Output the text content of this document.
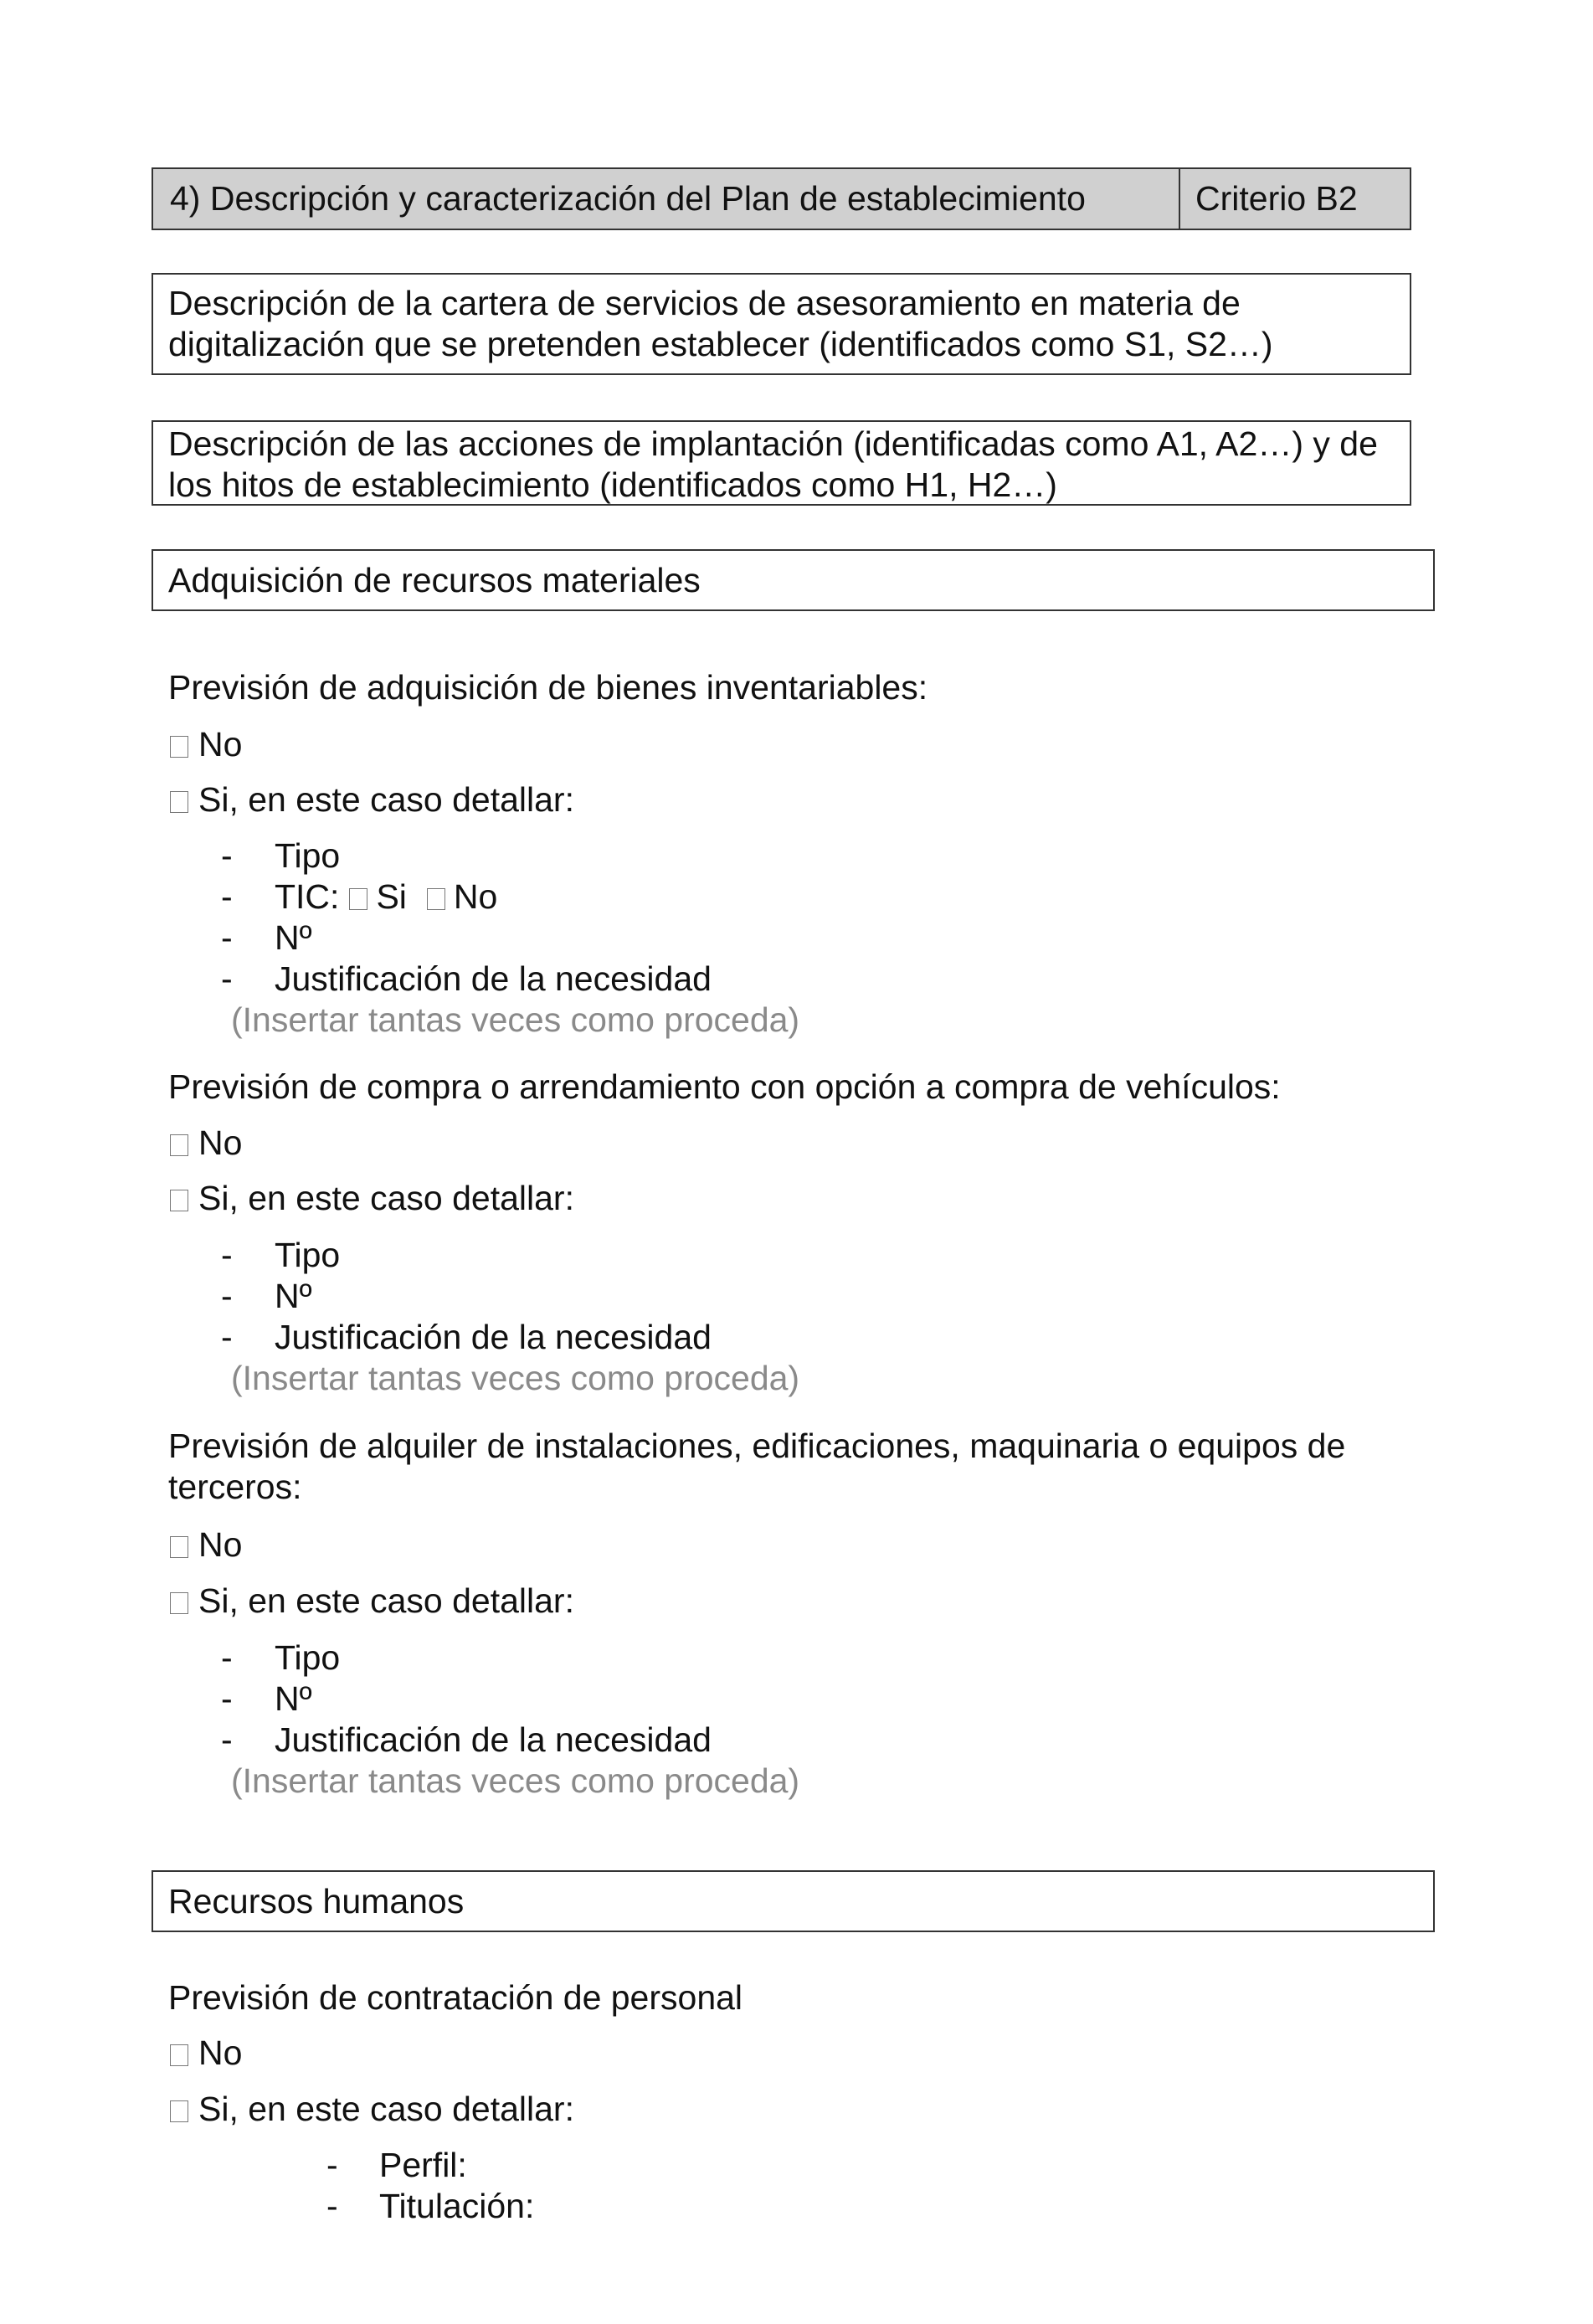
4) Descripción y caracterización del Plan de establecimiento	Criterio B2
Descripción de la cartera de servicios de asesoramiento en materia de digitalización que se pretenden establecer (identificados como S1, S2…)
Descripción de las acciones de implantación (identificadas como A1, A2…) y de los hitos de establecimiento (identificados como H1, H2…)
Adquisición de recursos materiales
Previsión de adquisición de bienes inventariables:
No
Si, en este caso detallar:
- Tipo
- TIC: Si No
- Nº
- Justificación de la necesidad
(Insertar tantas veces como proceda)
Previsión de compra o arrendamiento con opción a compra de vehículos:
No
Si, en este caso detallar:
- Tipo
- Nº
- Justificación de la necesidad
(Insertar tantas veces como proceda)
Previsión de alquiler de instalaciones, edificaciones, maquinaria o equipos de terceros:
No
Si, en este caso detallar:
- Tipo
- Nº
- Justificación de la necesidad
(Insertar tantas veces como proceda)
Recursos humanos
Previsión de contratación de personal
No
Si, en este caso detallar:
- Perfil:
- Titulación:
